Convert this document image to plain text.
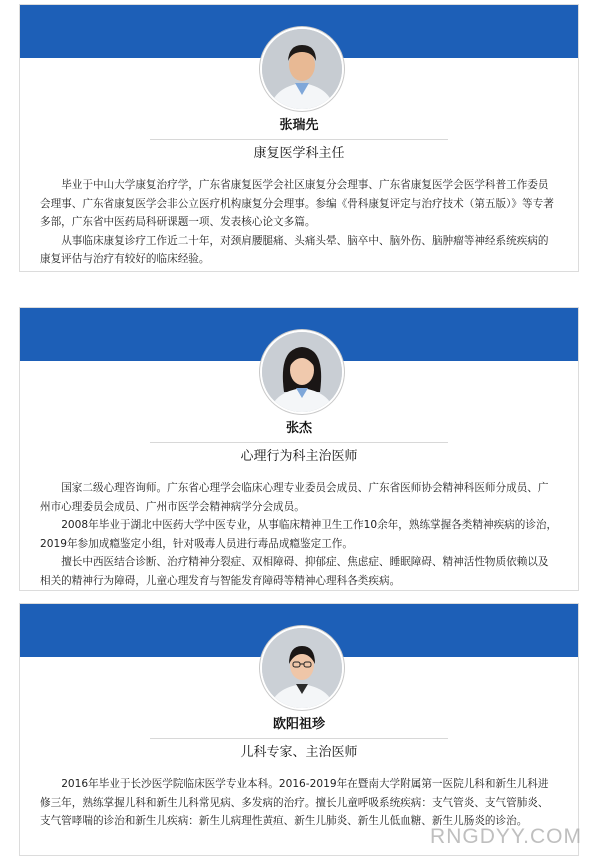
张瑞先
康复医学科主任

毕业于中山大学康复治疗学，广东省康复医学会社区康复分会理事、广东省康复医学会医学科普工作委员会理事、广东省康复医学会非公立医疗机构康复分会理事。参编《骨科康复评定与治疗技术（第五版）》等专著多部，广东省中医药局科研课题一项、发表核心论文多篇。

从事临床康复诊疗工作近二十年，对颈肩腰腿痛、头痛头晕、脑卒中、脑外伤、脑肿瘤等神经系统疾病的康复评估与治疗有较好的临床经验。

张杰
心理行为科主治医师

国家二级心理咨询师。广东省心理学会临床心理专业委员会成员、广东省医师协会精神科医师分成员、广州市心理委员会成员、广州市医学会精神病学分会成员。

2008年毕业于湖北中医药大学中医专业，从事临床精神卫生工作10余年，熟练掌握各类精神疾病的诊治，2019年参加成瘾鉴定小组，针对吸毒人员进行毒品成瘾鉴定工作。

擅长中西医结合诊断、治疗精神分裂症、双相障碍、抑郁症、焦虑症、睡眠障碍、精神活性物质依赖以及相关的精神行为障碍，儿童心理发育与智能发育障碍等精神心理科各类疾病。

欧阳祖珍
儿科专家、主治医师

2016年毕业于长沙医学院临床医学专业本科。2016-2019年在暨南大学附属第一医院儿科和新生儿科进修三年，熟练掌握儿科和新生儿科常见病、多发病的治疗。擅长儿童呼吸系统疾病：支气管炎、支气管肺炎、支气管哮喘的诊治和新生儿疾病：新生儿病理性黄疸、新生儿肺炎、新生儿低血糖、新生儿肠炎的诊治。

RNGDYY.COM
